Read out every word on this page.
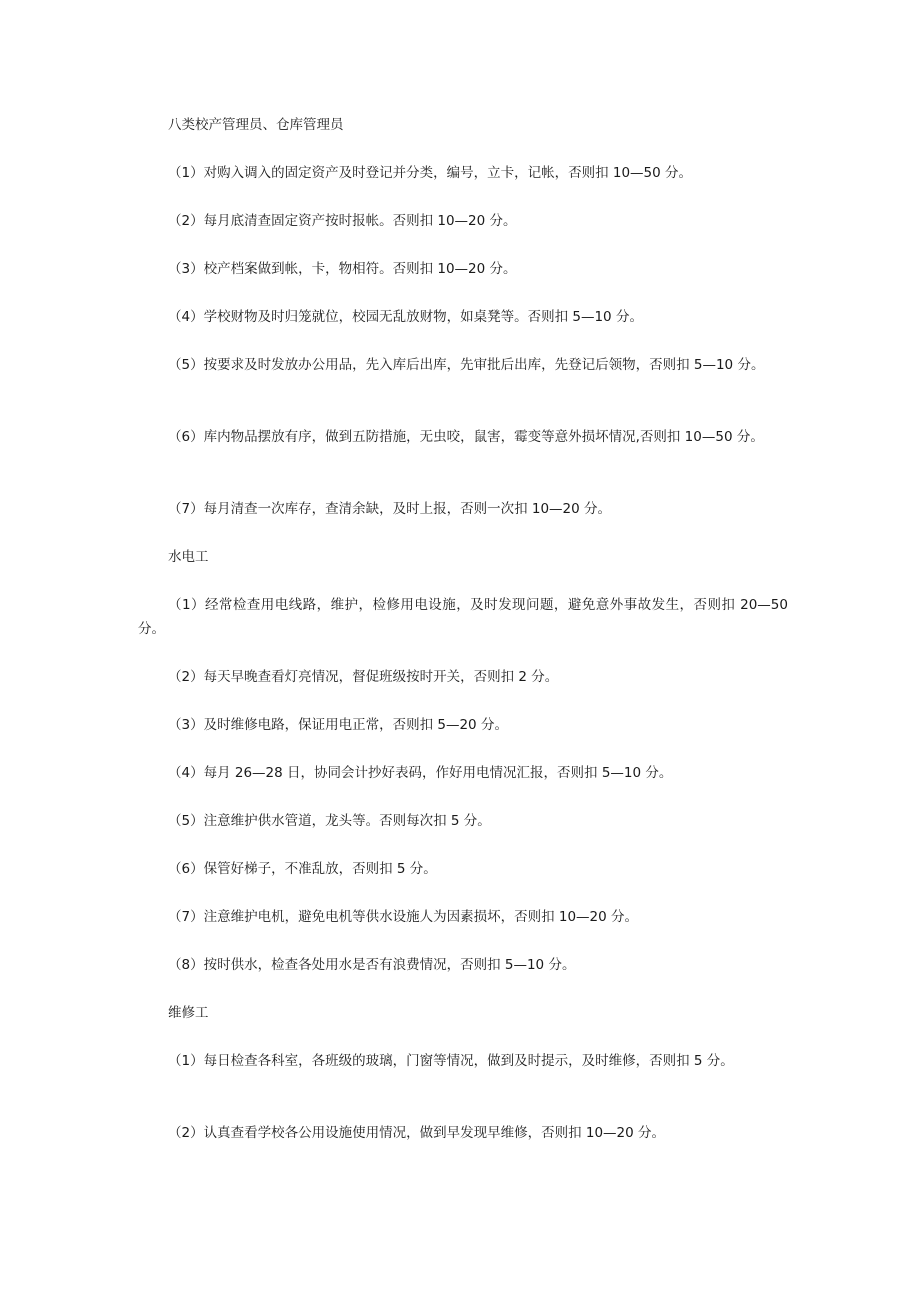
八类校产管理员、仓库管理员
（1）对购入调入的固定资产及时登记并分类，编号，立卡，记帐，否则扣 10—50 分。
（2）每月底清查固定资产按时报帐。否则扣 10—20 分。
（3）校产档案做到帐，卡，物相符。否则扣 10—20 分。
（4）学校财物及时归笼就位，校园无乱放财物，如桌凳等。否则扣 5—10 分。
（5）按要求及时发放办公用品，先入库后出库，先审批后出库，先登记后领物，否则扣 5—10 分。
（6）库内物品摆放有序，做到五防措施，无虫咬，鼠害，霉变等意外损坏情况,否则扣 10—50 分。
（7）每月清查一次库存，查清余缺，及时上报，否则一次扣 10—20 分。
水电工
（1）经常检查用电线路，维护，检修用电设施，及时发现问题，避免意外事故发生，否则扣 20—50 分。
（2）每天早晚查看灯亮情况，督促班级按时开关，否则扣 2 分。
（3）及时维修电路，保证用电正常，否则扣 5—20 分。
（4）每月 26—28 日，协同会计抄好表码，作好用电情况汇报，否则扣 5—10 分。
（5）注意维护供水管道，龙头等。否则每次扣 5 分。
（6）保管好梯子，不准乱放，否则扣 5 分。
（7）注意维护电机，避免电机等供水设施人为因素损坏，否则扣 10—20 分。
（8）按时供水，检查各处用水是否有浪费情况，否则扣 5—10 分。
维修工
（1）每日检查各科室，各班级的玻璃，门窗等情况，做到及时提示，及时维修，否则扣 5 分。
（2）认真查看学校各公用设施使用情况，做到早发现早维修，否则扣 10—20 分。
